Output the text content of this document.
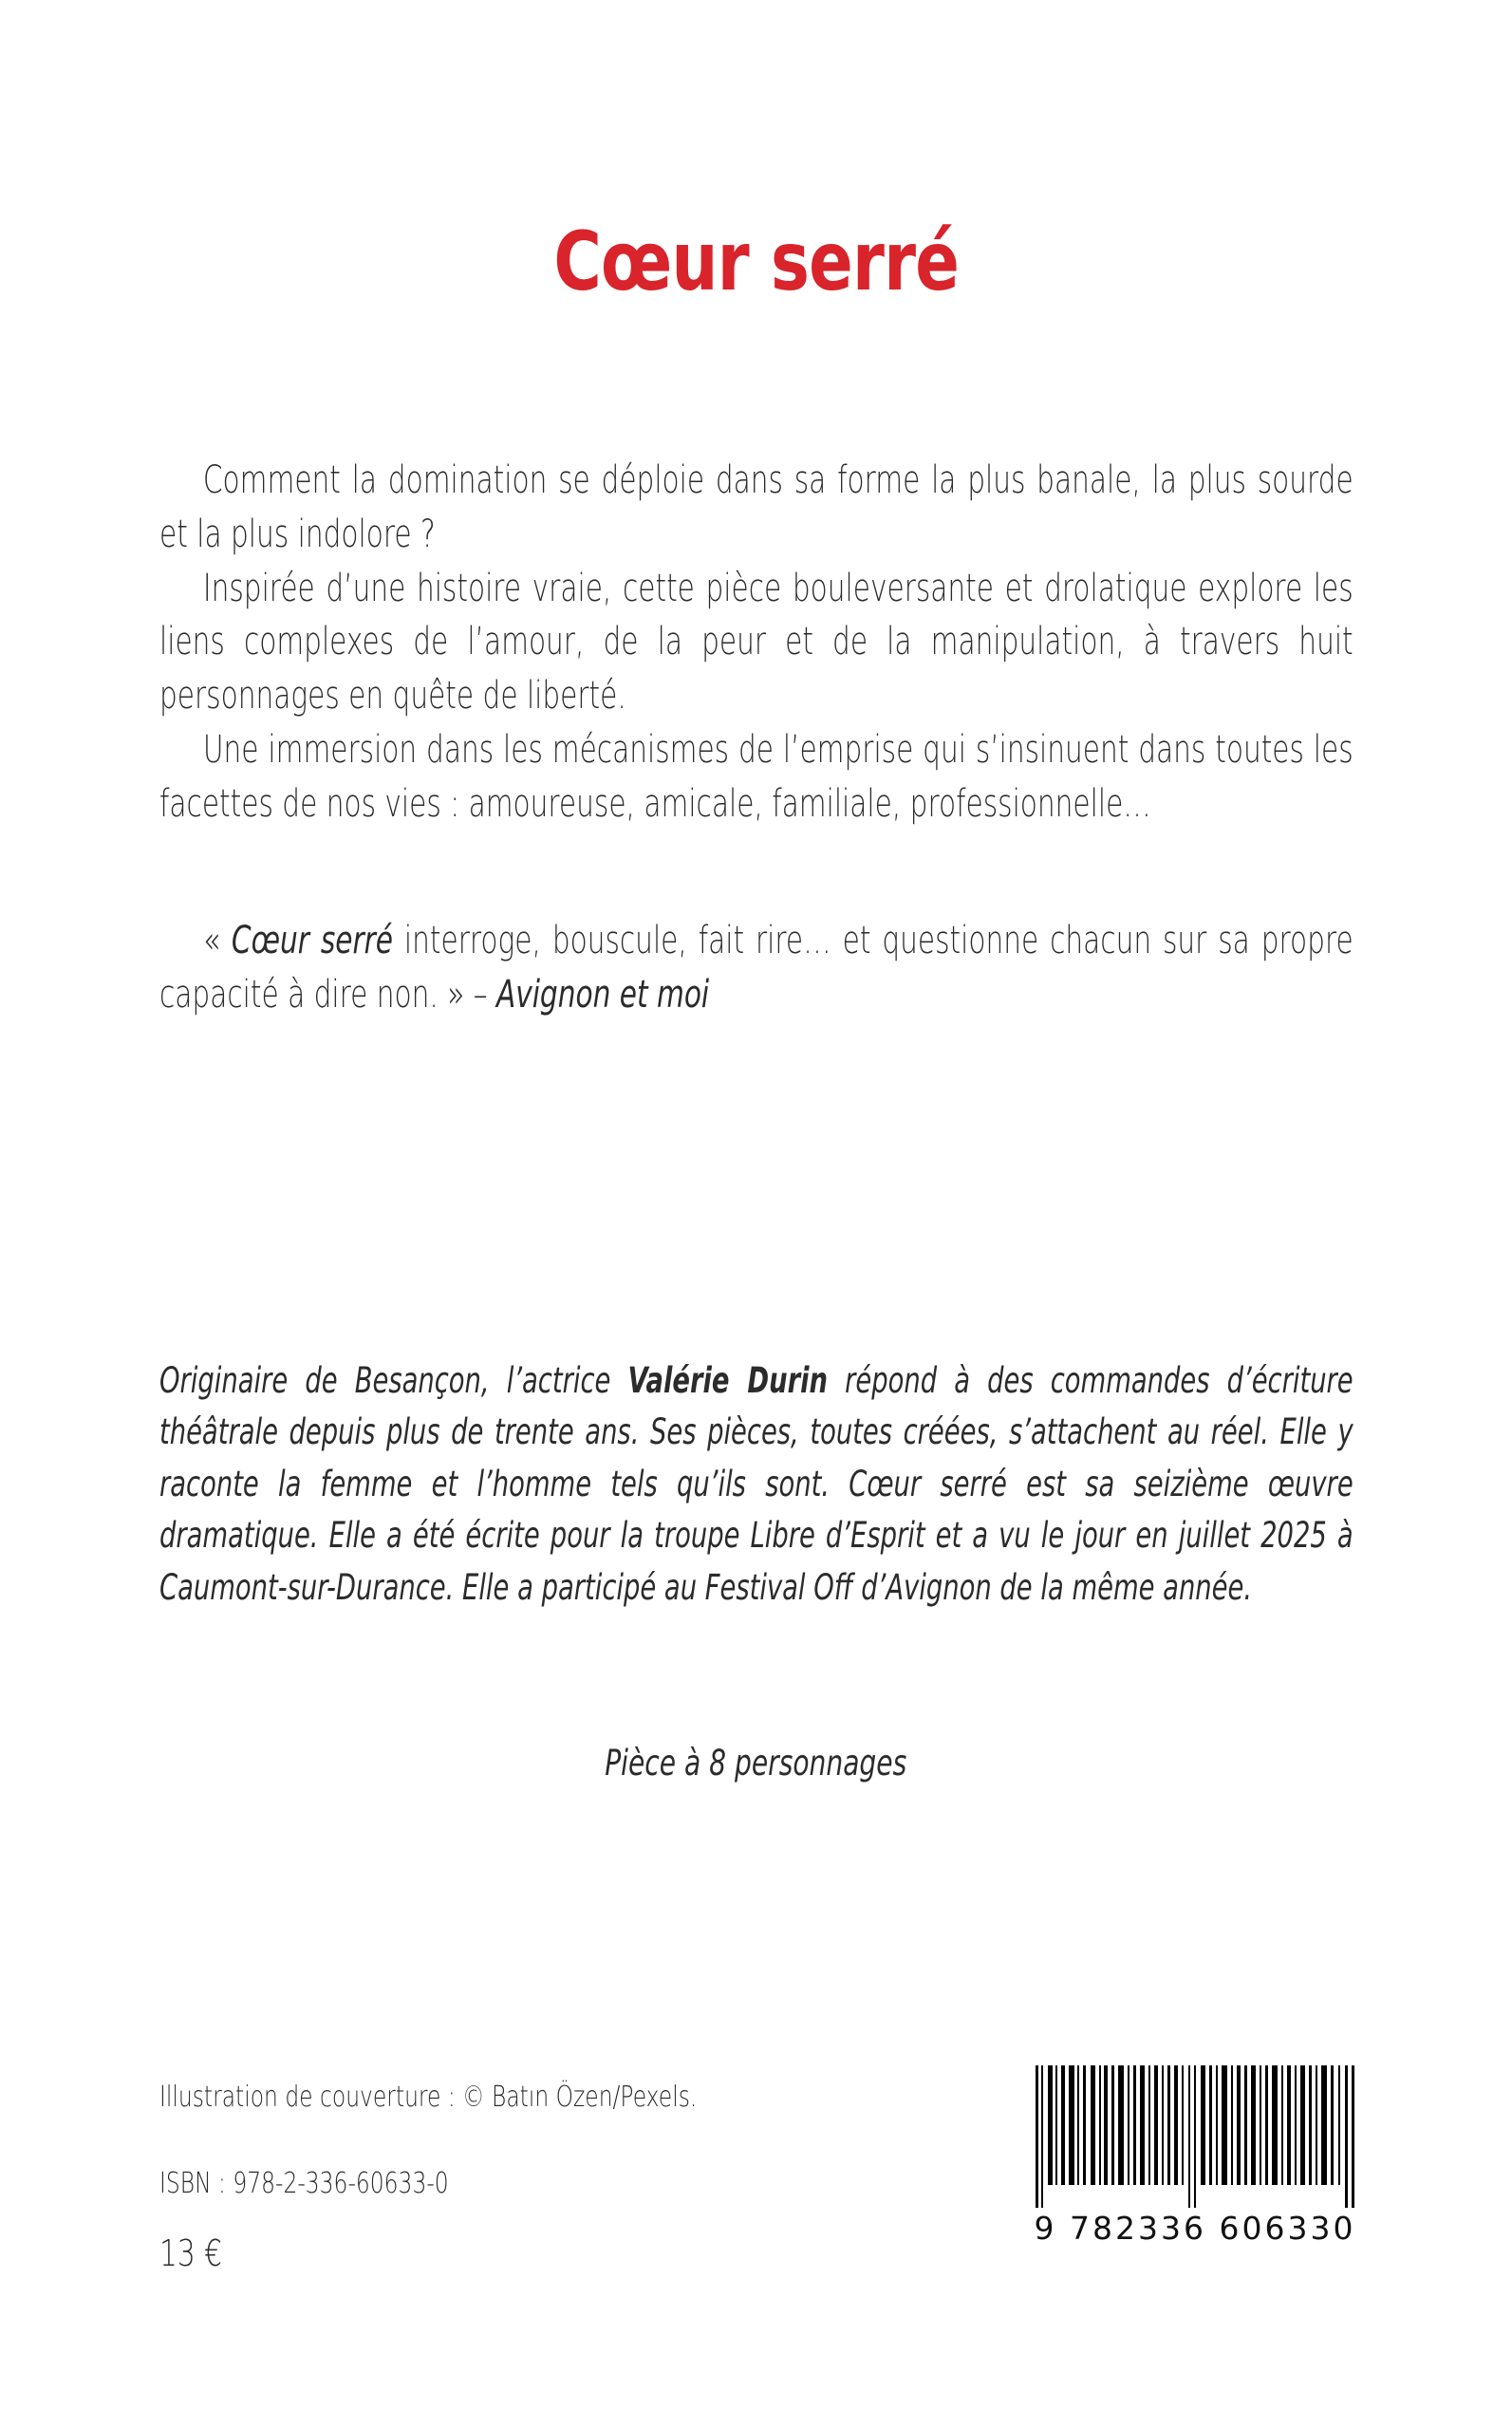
Cœur serré

Comment la domination se déploie dans sa forme la plus banale, la plus sourde et la plus indolore ?

Inspirée d’une histoire vraie, cette pièce bouleversante et drolatique explore les liens complexes de l’amour, de la peur et de la manipulation, à travers huit personnages en quête de liberté.

Une immersion dans les mécanismes de l’emprise qui s’insinuent dans toutes les facettes de nos vies : amoureuse, amicale, familiale, professionnelle…

« Cœur serré interroge, bouscule, fait rire… et questionne chacun sur sa propre capacité à dire non. » – Avignon et moi

Originaire de Besançon, l’actrice Valérie Durin répond à des commandes d’écriture théâtrale depuis plus de trente ans. Ses pièces, toutes créées, s’attachent au réel. Elle y raconte la femme et l’homme tels qu’ils sont. Cœur serré est sa seizième œuvre dramatique. Elle a été écrite pour la troupe Libre d’Esprit et a vu le jour en juillet 2025 à Caumont-sur-Durance. Elle a participé au Festival Off d’Avignon de la même année.

Pièce à 8 personnages
Illustration de couverture : © Batın Özen/Pexels.
ISBN : 978-2-336-60633-0
13 €
9 782336 606330
